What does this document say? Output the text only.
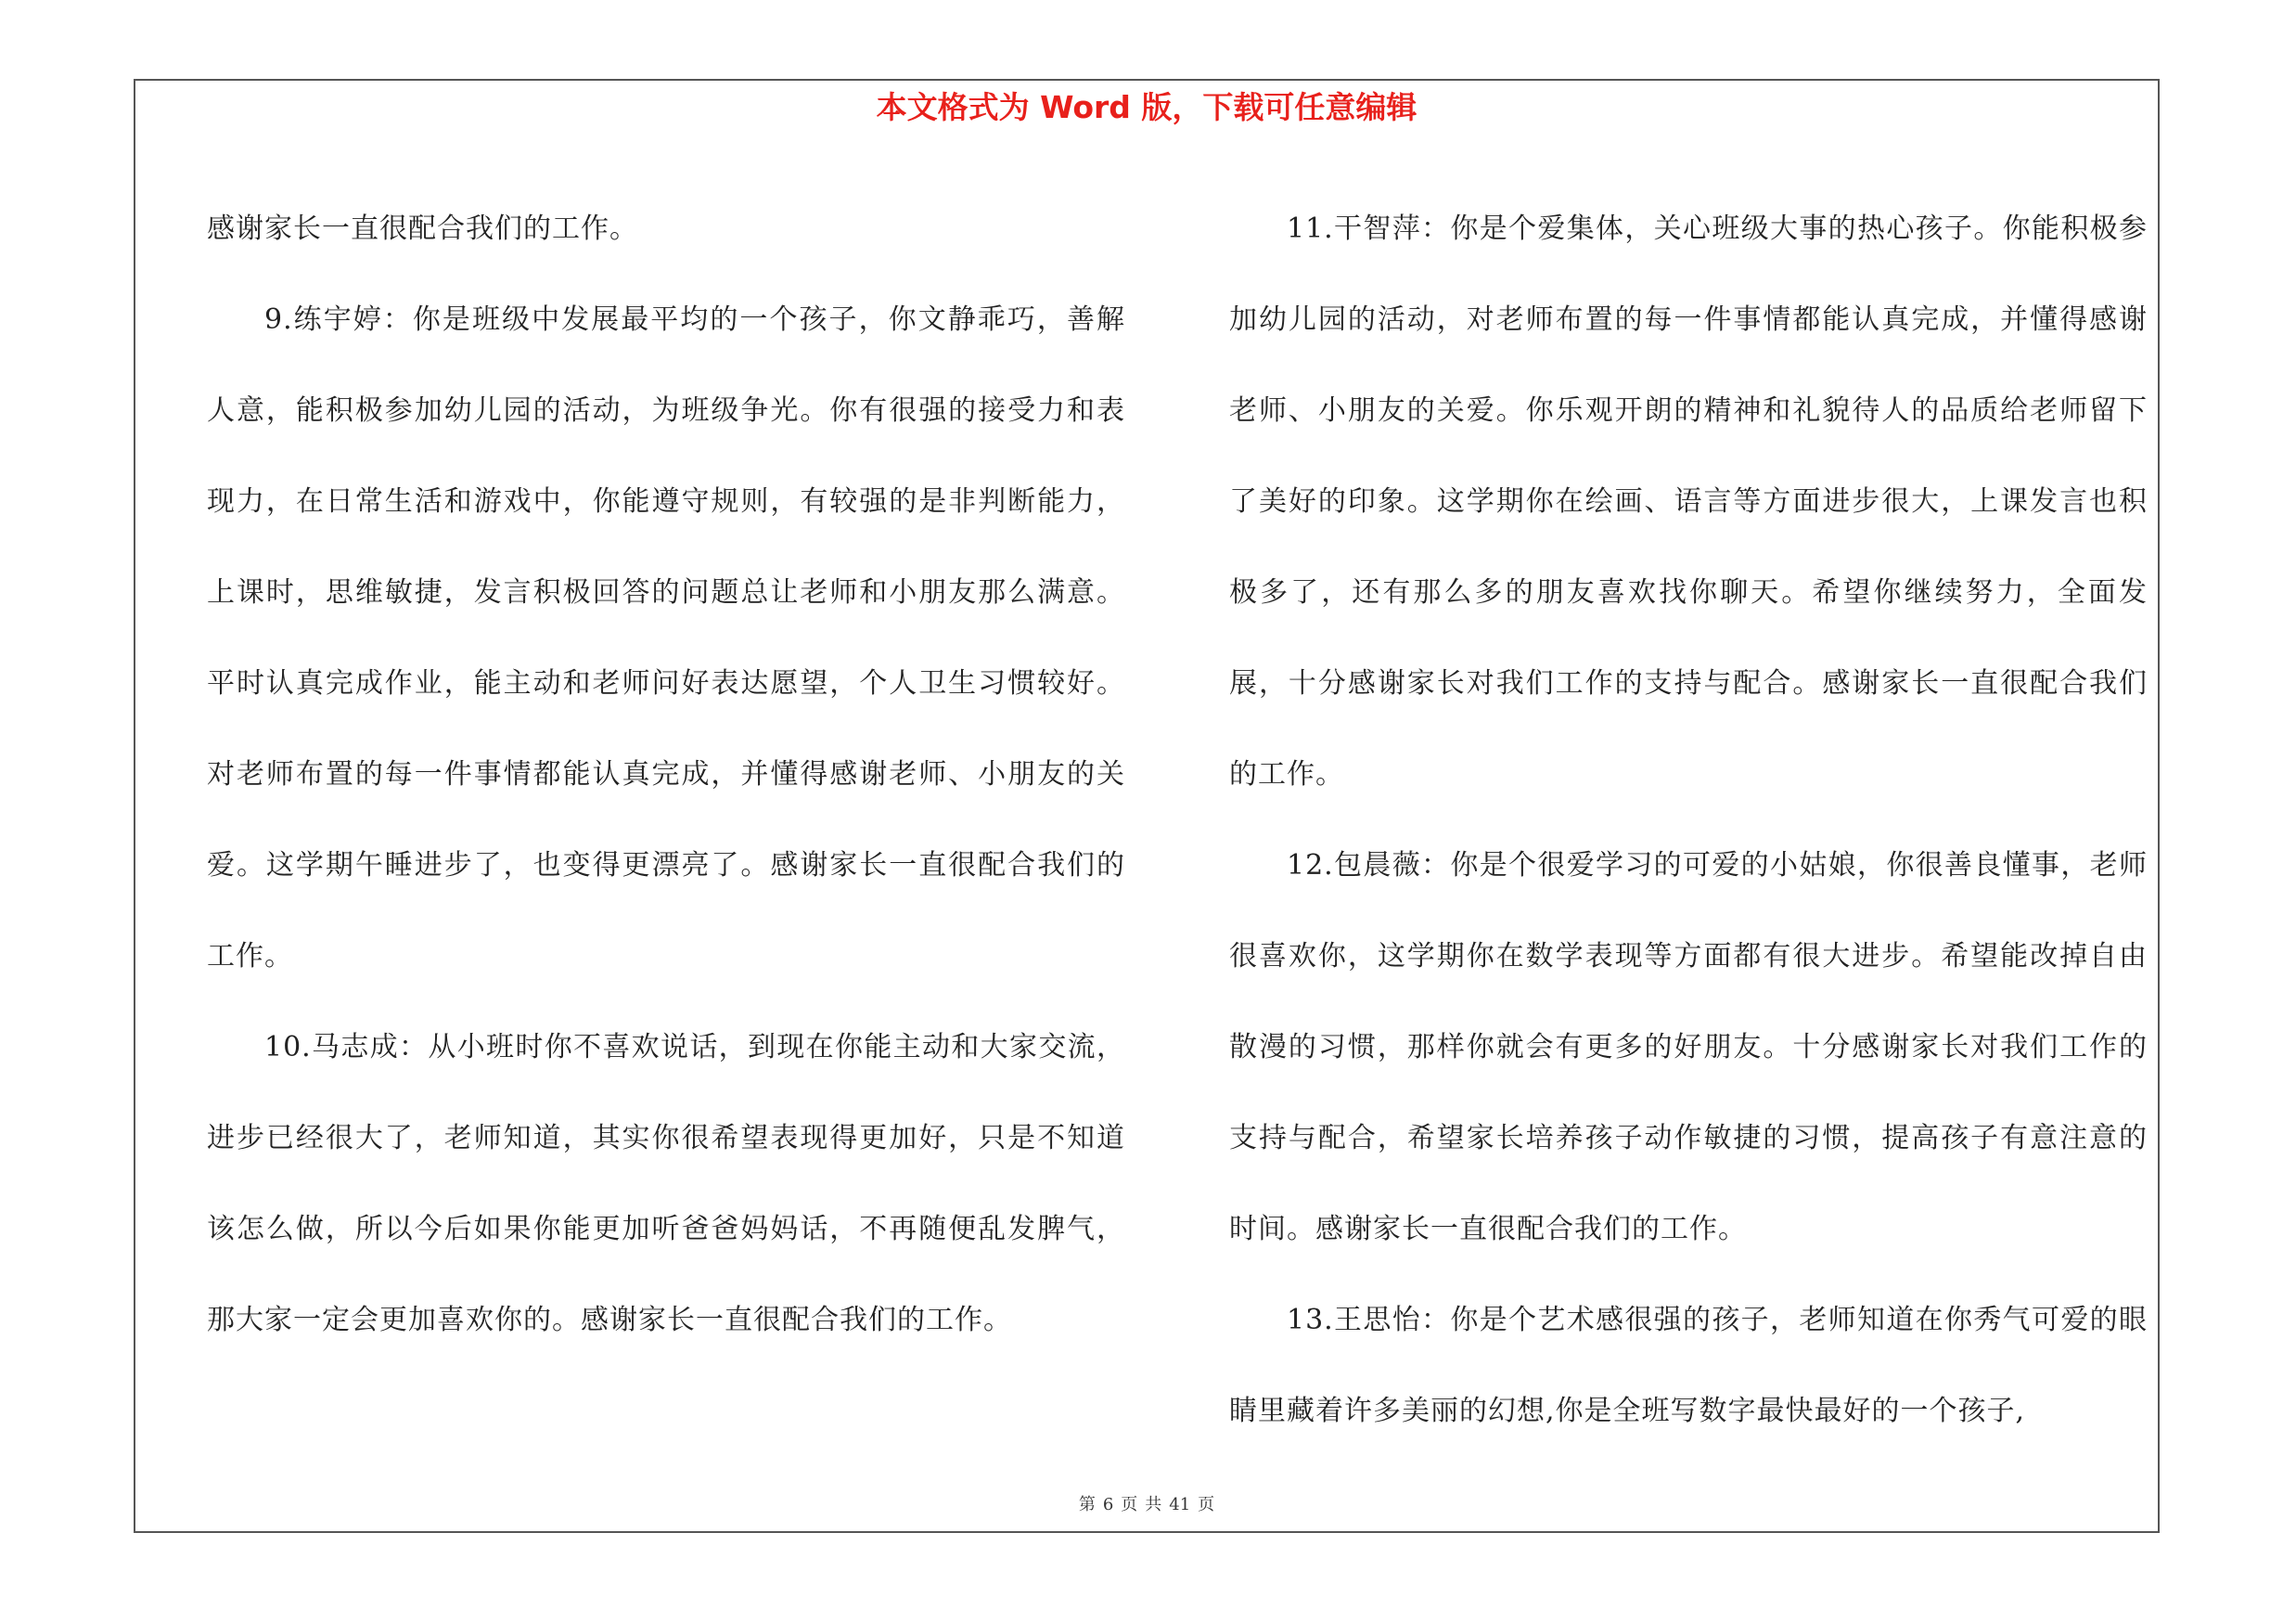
本文格式为 Word 版，下载可任意编辑

感谢家长一直很配合我们的工作。

9.练宇婷：你是班级中发展最平均的一个孩子，你文静乖巧，善解人意，能积极参加幼儿园的活动，为班级争光。你有很强的接受力和表现力，在日常生活和游戏中，你能遵守规则，有较强的是非判断能力，上课时，思维敏捷，发言积极回答的问题总让老师和小朋友那么满意。平时认真完成作业，能主动和老师问好表达愿望，个人卫生习惯较好。对老师布置的每一件事情都能认真完成，并懂得感谢老师、小朋友的关爱。这学期午睡进步了，也变得更漂亮了。感谢家长一直很配合我们的工作。

10.马志成：从小班时你不喜欢说话，到现在你能主动和大家交流，进步已经很大了，老师知道，其实你很希望表现得更加好，只是不知道该怎么做，所以今后如果你能更加听爸爸妈妈话，不再随便乱发脾气，那大家一定会更加喜欢你的。感谢家长一直很配合我们的工作。

11.干智萍：你是个爱集体，关心班级大事的热心孩子。你能积极参加幼儿园的活动，对老师布置的每一件事情都能认真完成，并懂得感谢老师、小朋友的关爱。你乐观开朗的精神和礼貌待人的品质给老师留下了美好的印象。这学期你在绘画、语言等方面进步很大，上课发言也积极多了，还有那么多的朋友喜欢找你聊天。希望你继续努力，全面发展，十分感谢家长对我们工作的支持与配合。感谢家长一直很配合我们的工作。

12.包晨薇：你是个很爱学习的可爱的小姑娘，你很善良懂事，老师很喜欢你，这学期你在数学表现等方面都有很大进步。希望能改掉自由散漫的习惯，那样你就会有更多的好朋友。十分感谢家长对我们工作的支持与配合，希望家长培养孩子动作敏捷的习惯，提高孩子有意注意的时间。感谢家长一直很配合我们的工作。

13.王思怡：你是个艺术感很强的孩子，老师知道在你秀气可爱的眼睛里藏着许多美丽的幻想,你是全班写数字最快最好的一个孩子,

第 6 页 共 41 页
